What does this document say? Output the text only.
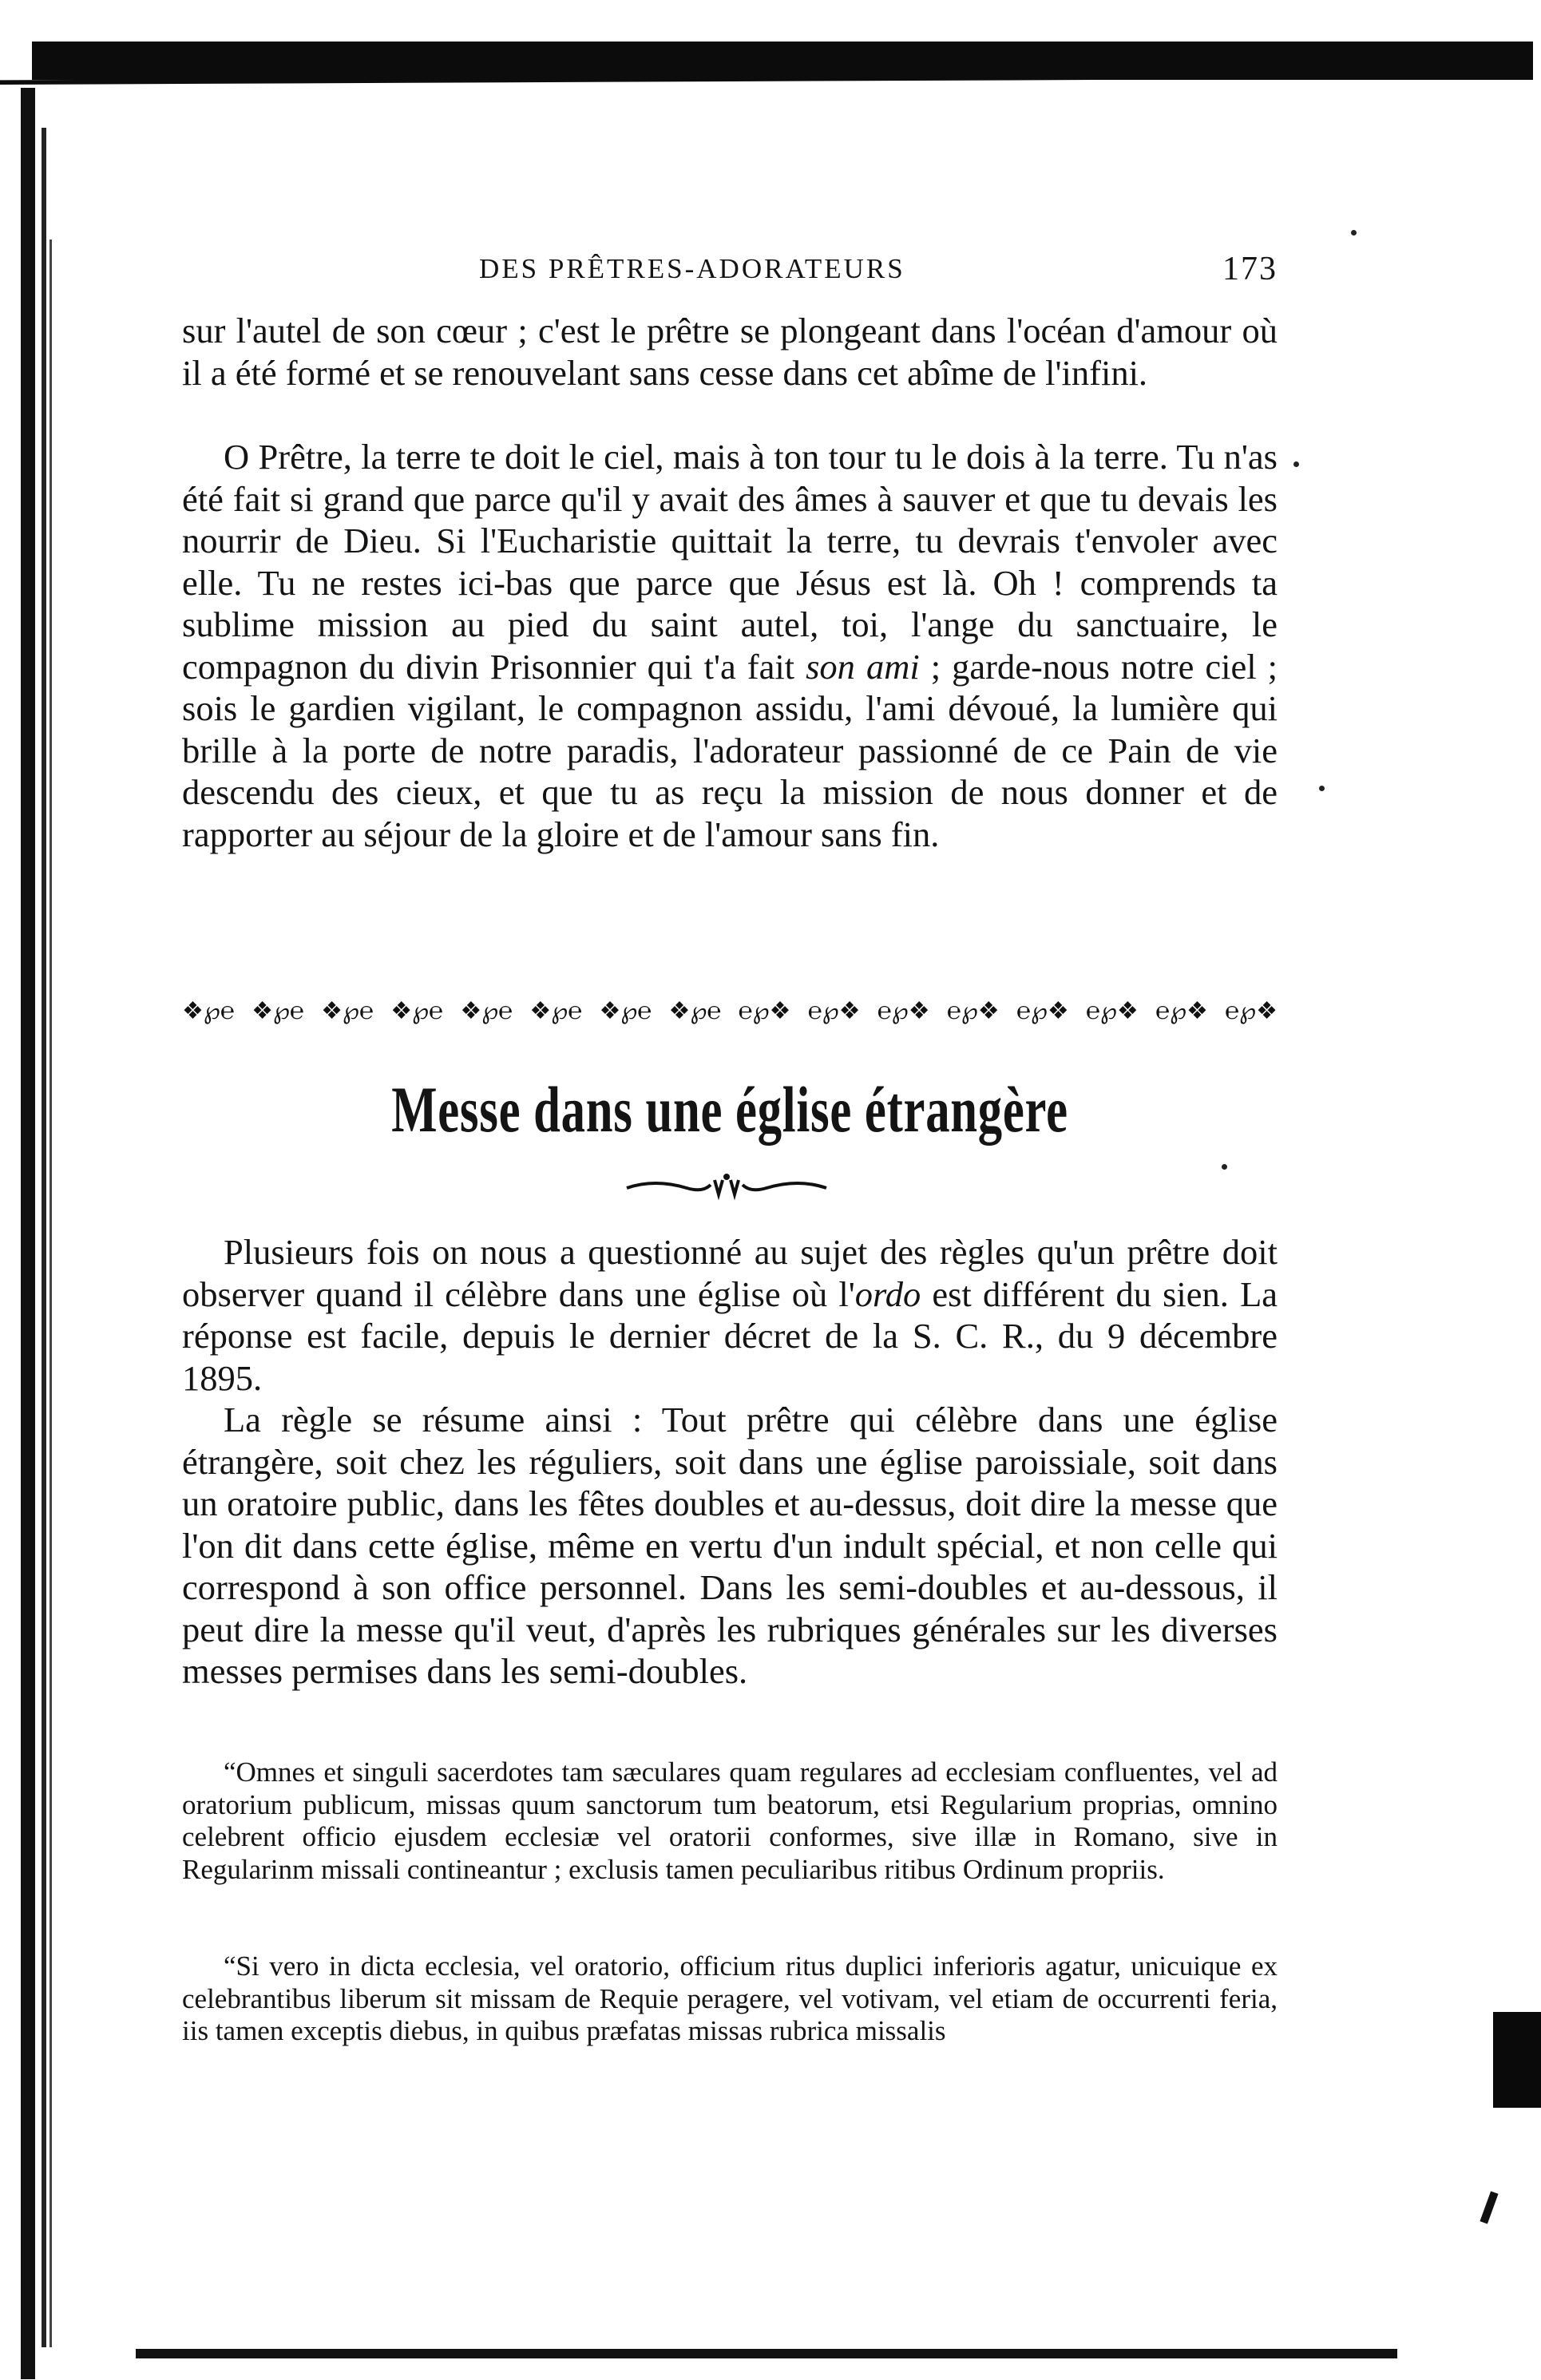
DES PRÊTRES-ADORATEURS	173

sur l'autel de son cœur ; c'est le prêtre se plongeant dans l'océan d'amour où il a été formé et se renouvelant sans cesse dans cet abîme de l'infini.

O Prêtre, la terre te doit le ciel, mais à ton tour tu le dois à la terre. Tu n'as été fait si grand que parce qu'il y avait des âmes à sauver et que tu devais les nourrir de Dieu. Si l'Eucharistie quittait la terre, tu devrais t'envoler avec elle. Tu ne restes ici-bas que parce que Jésus est là. Oh ! comprends ta sublime mission au pied du saint autel, toi, l'ange du sanctuaire, le compagnon du divin Prisonnier qui t'a fait son ami ; garde-nous notre ciel ; sois le gardien vigilant, le compagnon assidu, l'ami dévoué, la lumière qui brille à la porte de notre paradis, l'adorateur passionné de ce Pain de vie descendu des cieux, et que tu as reçu la mission de nous donner et de rapporter au séjour de la gloire et de l'amour sans fin.

❖℘℮ ❖℘℮ ❖℘℮ ❖℘℮ ❖℘℮ ❖℘℮ ❖℘℮ ❖℘℮ ℮℘❖ ℮℘❖ ℮℘❖ ℮℘❖ ℮℘❖ ℮℘❖ ℮℘❖ ℮℘❖
Messe dans une église étrangère

Plusieurs fois on nous a questionné au sujet des règles qu'un prêtre doit observer quand il célèbre dans une église où l'ordo est différent du sien. La réponse est facile, depuis le dernier décret de la S. C. R., du 9 décembre 1895.

La règle se résume ainsi : Tout prêtre qui célèbre dans une église étrangère, soit chez les réguliers, soit dans une église paroissiale, soit dans un oratoire public, dans les fêtes doubles et au-dessus, doit dire la messe que l'on dit dans cette église, même en vertu d'un indult spécial, et non celle qui correspond à son office personnel. Dans les semi-doubles et au-dessous, il peut dire la messe qu'il veut, d'après les rubriques générales sur les diverses messes permises dans les semi-doubles.

“Omnes et singuli sacerdotes tam sæculares quam regulares ad ecclesiam confluentes, vel ad oratorium publicum, missas quum sanctorum tum beatorum, etsi Regularium proprias, omnino celebrent officio ejusdem ecclesiæ vel oratorii conformes, sive illæ in Romano, sive in Regularinm missali contineantur ; exclusis tamen peculiaribus ritibus Ordinum propriis.

“Si vero in dicta ecclesia, vel oratorio, officium ritus duplici inferioris agatur, unicuique ex celebrantibus liberum sit missam de Requie peragere, vel votivam, vel etiam de occurrenti feria, iis tamen exceptis diebus, in quibus præfatas missas rubrica missalis
